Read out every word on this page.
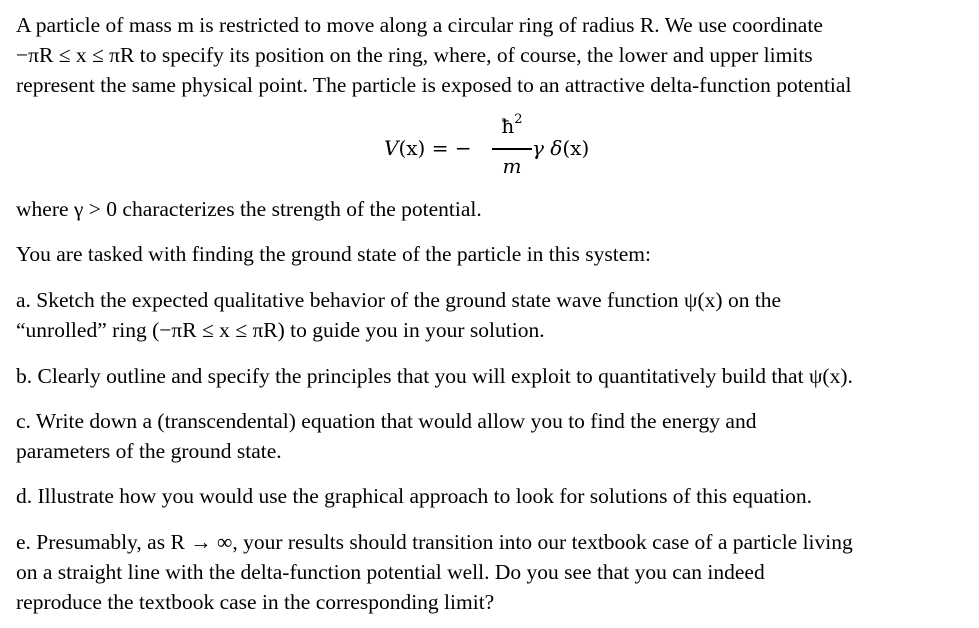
A particle of mass m is restricted to move along a circular ring of radius R. We use coordinate
−πR ≤ x ≤ πR to specify its position on the ring, where, of course, the lower and upper limits
represent the same physical point. The particle is exposed to an attractive delta-function potential

V(x) = −
$ħ^2$
m
γ δ(x)

where γ > 0 characterizes the strength of the potential.

You are tasked with finding the ground state of the particle in this system:

a. Sketch the expected qualitative behavior of the ground state wave function ψ(x) on the
“unrolled” ring (−πR ≤ x ≤ πR) to guide you in your solution.

b. Clearly outline and specify the principles that you will exploit to quantitatively build that ψ(x).

c. Write down a (transcendental) equation that would allow you to find the energy and
parameters of the ground state.

d. Illustrate how you would use the graphical approach to look for solutions of this equation.

e. Presumably, as R → ∞, your results should transition into our textbook case of a particle living
on a straight line with the delta-function potential well. Do you see that you can indeed
reproduce the textbook case in the corresponding limit?
